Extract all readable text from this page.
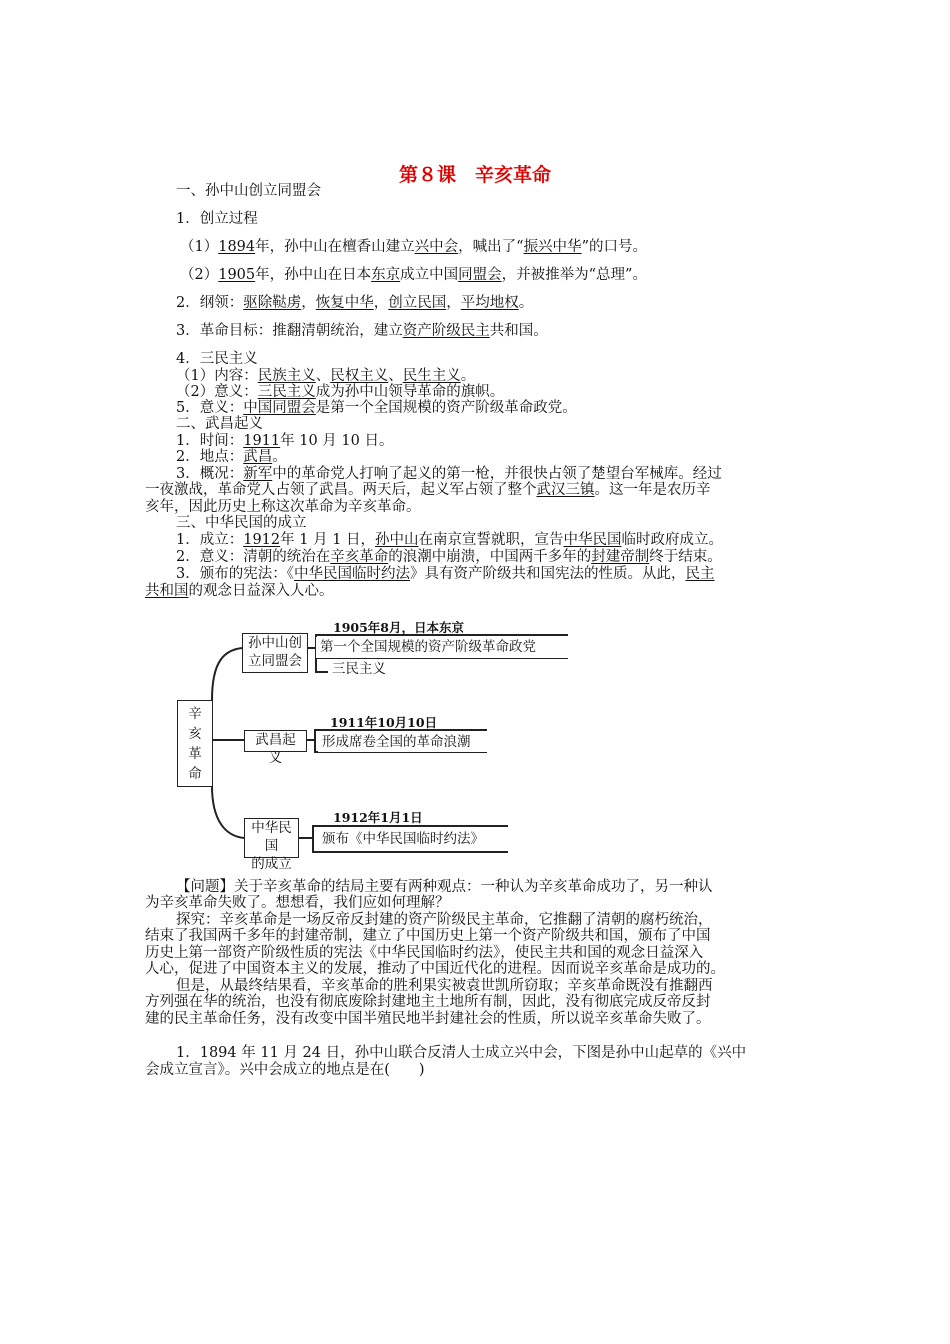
第８课　辛亥革命
一、孙中山创立同盟会
1．创立过程
（1）1894年，孙中山在檀香山建立兴中会，喊出了“振兴中华”的口号。
（2）1905年，孙中山在日本东京成立中国同盟会，并被推举为“总理”。
2．纲领：驱除鞑虏，恢复中华，创立民国，平均地权。
3．革命目标：推翻清朝统治，建立资产阶级民主共和国。
4．三民主义
（1）内容：民族主义、民权主义、民生主义。
（2）意义：三民主义成为孙中山领导革命的旗帜。
5．意义：中国同盟会是第一个全国规模的资产阶级革命政党。
二、武昌起义
1．时间：1911年 10 月 10 日。
2．地点：武昌。
3．概况：新军中的革命党人打响了起义的第一枪，并很快占领了楚望台军械库。经过
一夜激战，革命党人占领了武昌。两天后，起义军占领了整个武汉三镇。这一年是农历辛
亥年，因此历史上称这次革命为辛亥革命。
三、中华民国的成立
1．成立：1912年 1 月 1 日，孙中山在南京宣誓就职，宣告中华民国临时政府成立。
2．意义：清朝的统治在辛亥革命的浪潮中崩溃，中国两千多年的封建帝制终于结束。
3．颁布的宪法：《中华民国临时约法》具有资产阶级共和国宪法的性质。从此，民主
共和国的观念日益深入人心。
辛
亥
革
命
孙中山创
立同盟会
1905年8月，日本东京
第一个全国规模的资产阶级革命政党
三民主义
武昌起义
1911年10月10日
形成席卷全国的革命浪潮
中华民国
的成立
1912年1月1日
颁布《中华民国临时约法》
【问题】关于辛亥革命的结局主要有两种观点：一种认为辛亥革命成功了，另一种认
为辛亥革命失败了。想想看，我们应如何理解？
探究：辛亥革命是一场反帝反封建的资产阶级民主革命，它推翻了清朝的腐朽统治，
结束了我国两千多年的封建帝制，建立了中国历史上第一个资产阶级共和国，颁布了中国
历史上第一部资产阶级性质的宪法《中华民国临时约法》，使民主共和国的观念日益深入
人心，促进了中国资本主义的发展，推动了中国近代化的进程。因而说辛亥革命是成功的。
但是，从最终结果看，辛亥革命的胜利果实被袁世凯所窃取；辛亥革命既没有推翻西
方列强在华的统治，也没有彻底废除封建地主土地所有制，因此，没有彻底完成反帝反封
建的民主革命任务，没有改变中国半殖民地半封建社会的性质，所以说辛亥革命失败了。
1．1894 年 11 月 24 日，孙中山联合反清人士成立兴中会，下图是孙中山起草的《兴中
会成立宣言》。兴中会成立的地点是在(　　)
